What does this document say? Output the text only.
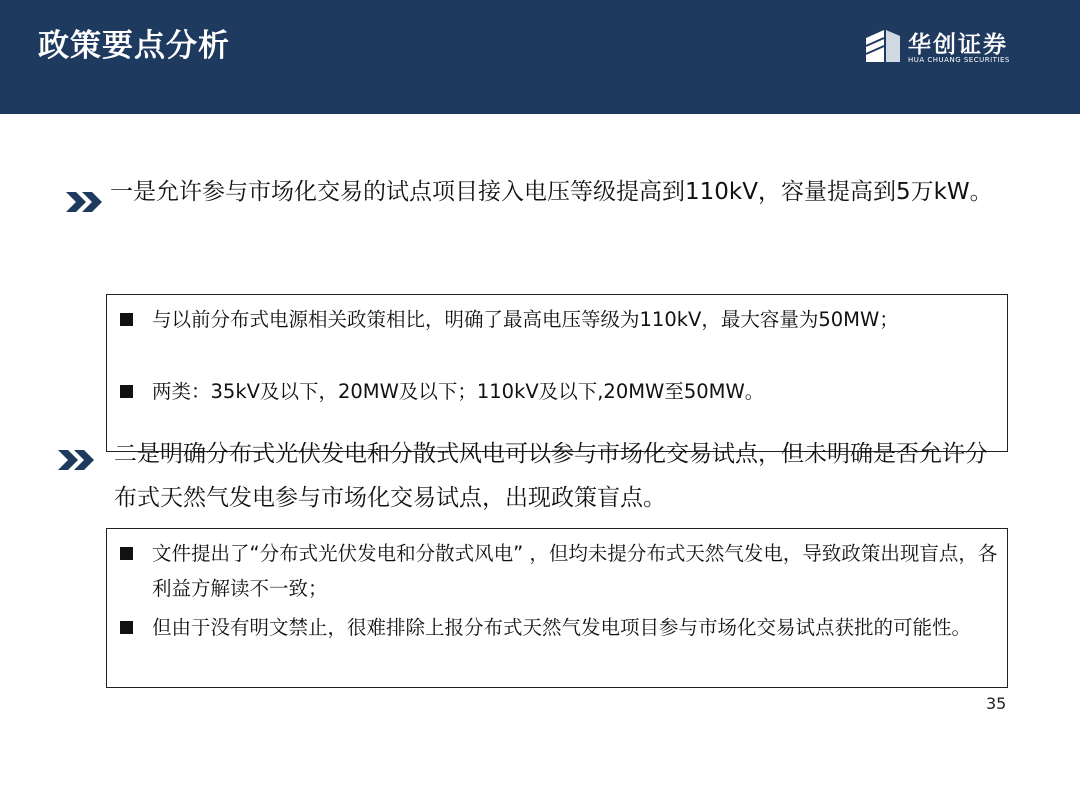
政策要点分析	华创证券
HUA CHUANG SECURITIES
一是允许参与市场化交易的试点项目接入电压等级提高到110kV，容量提高到5万kW。
与以前分布式电源相关政策相比，明确了最高电压等级为110kV，最大容量为50MW；
两类：35kV及以下，20MW及以下；110kV及以下,20MW至50MW。
二是明确分布式光伏发电和分散式风电可以参与市场化交易试点，但未明确是否允许分布式天然气发电参与市场化交易试点，出现政策盲点。
文件提出了“分布式光伏发电和分散式风电” ，但均未提分布式天然气发电，导致政策出现盲点，各利益方解读不一致；
但由于没有明文禁止，很难排除上报分布式天然气发电项目参与市场化交易试点获批的可能性。
35
